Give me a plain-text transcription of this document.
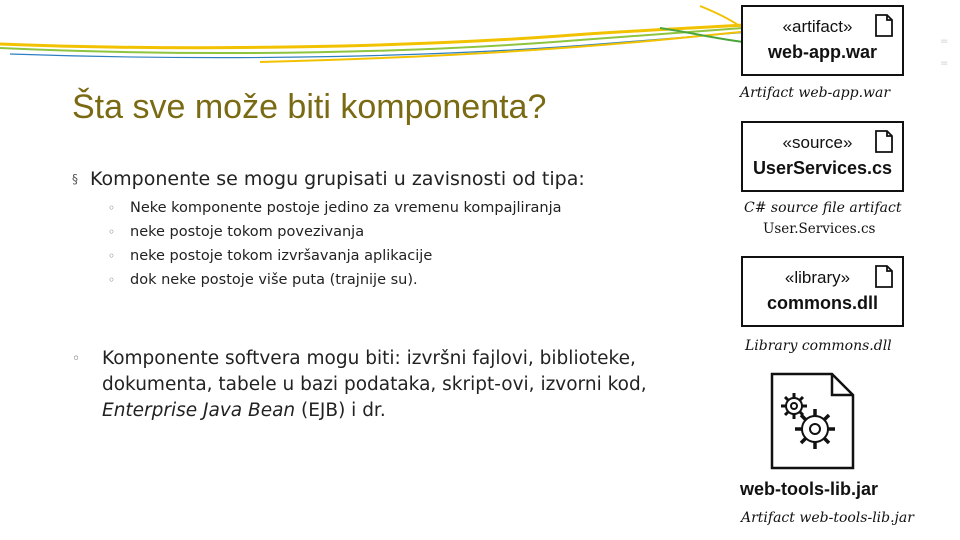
=

=
Šta sve može biti komponenta?
§ Komponente se mogu grupisati u zavisnosti od tipa:
◦ Neke komponente postoje jedino za vremenu kompajliranja
◦ neke postoje tokom povezivanja
◦ neke postoje tokom izvršavanja aplikacije
◦ dok neke postoje više puta (trajnije su).
◦ Komponente softvera mogu biti: izvršni fajlovi, biblioteke, dokumenta, tabele u bazi podataka, skript-ovi, izvorni kod, Enterprise Java Bean (EJB) i dr.
«artifact»
web-app.war
Artifact web-app.war
«source»
UserServices.cs
C# source file artifact
User.Services.cs
«library»
commons.dll
Library commons.dll
web-tools-lib.jar
Artifact web-tools-lib.jar
